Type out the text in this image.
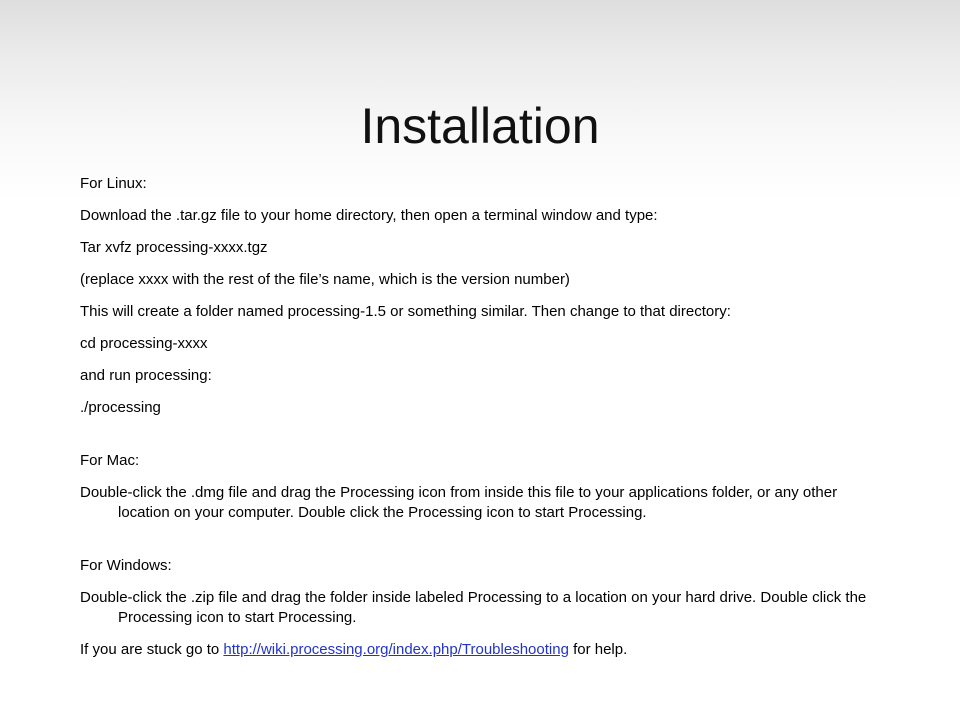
Installation

For Linux:

Download the .tar.gz file to your home directory, then open a terminal window and type:

Tar xvfz processing-xxxx.tgz

(replace xxxx with the rest of the file’s name, which is the version number)

This will create a folder named processing-1.5 or something similar. Then change to that directory:

cd processing-xxxx

and run processing:

./processing

For Mac:

Double-click the .dmg file and drag the Processing icon from inside this file to your applications folder, or any other location on your computer. Double click the Processing icon to start Processing.

For Windows:

Double-click the .zip file and drag the folder inside labeled Processing to a location on your hard drive. Double click the Processing icon to start Processing.

If you are stuck go to http://wiki.processing.org/index.php/Troubleshooting for help.
